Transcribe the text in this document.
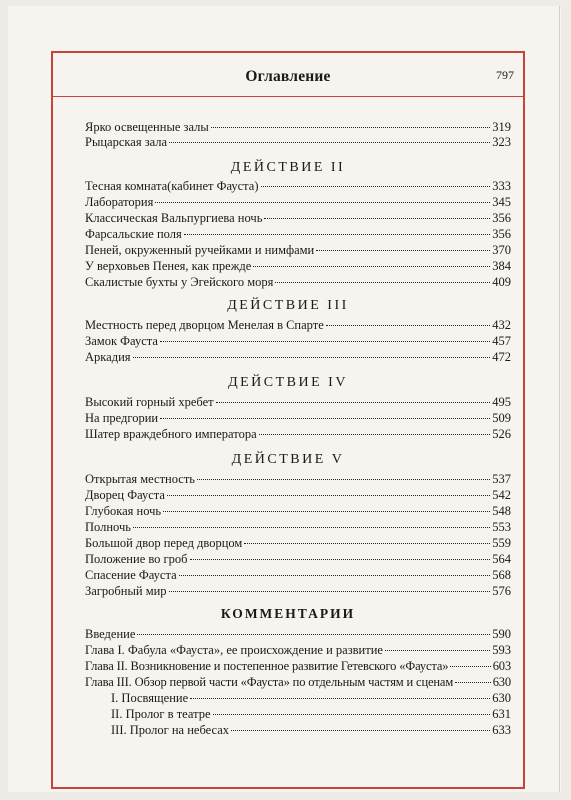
Оглавление	797
Ярко освещенные залы	319
Рыцарская зала	323
ДЕЙСТВИЕ II
Тесная комната(кабинет Фауста)	333
Лаборатория	345
Классическая Вальпургиева ночь	356
Фарсальские поля	356
Пеней, окруженный ручейками и нимфами	370
У верховьев Пенея, как прежде	384
Скалистые бухты у Эгейского моря	409
ДЕЙСТВИЕ III
Местность перед дворцом Менелая в Спарте	432
Замок Фауста	457
Аркадия	472
ДЕЙСТВИЕ IV
Высокий горный хребет	495
На предгории	509
Шатер враждебного императора	526
ДЕЙСТВИЕ V
Открытая местность	537
Дворец Фауста	542
Глубокая ночь	548
Полночь	553
Большой двор перед дворцом	559
Положение во гроб	564
Спасение Фауста	568
Загробный мир	576
КОММЕНТАРИИ
Введение	590
Глава I. Фабула «Фауста», ее происхождение и развитие	593
Глава II. Возникновение и постепенное развитие Гетевского «Фауста»	603
Глава III. Обзор первой части «Фауста» по отдельным частям и сценам	630
I. Посвящение	630
II. Пролог в театре	631
III. Пролог на небесах	633
